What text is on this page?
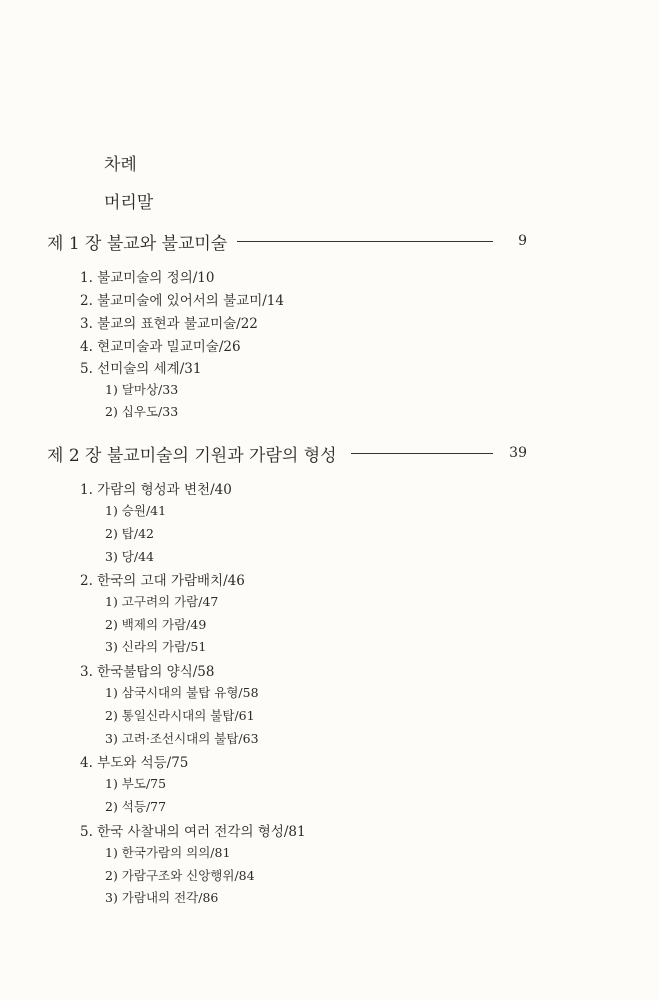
차례
머리말
제 1 장 불교와 불교미술	9
1. 불교미술의 정의/10
2. 불교미술에 있어서의 불교미/14
3. 불교의 표현과 불교미술/22
4. 현교미술과 밀교미술/26
5. 선미술의 세계/31
1) 달마상/33
2) 십우도/33
제 2 장 불교미술의 기원과 가람의 형성	39
1. 가람의 형성과 변천/40
1) 승원/41
2) 탑/42
3) 당/44
2. 한국의 고대 가람배치/46
1) 고구려의 가람/47
2) 백제의 가람/49
3) 신라의 가람/51
3. 한국불탑의 양식/58
1) 삼국시대의 불탑 유형/58
2) 통일신라시대의 불탑/61
3) 고려·조선시대의 불탑/63
4. 부도와 석등/75
1) 부도/75
2) 석등/77
5. 한국 사찰내의 여러 전각의 형성/81
1) 한국가람의 의의/81
2) 가람구조와 신앙행위/84
3) 가람내의 전각/86
